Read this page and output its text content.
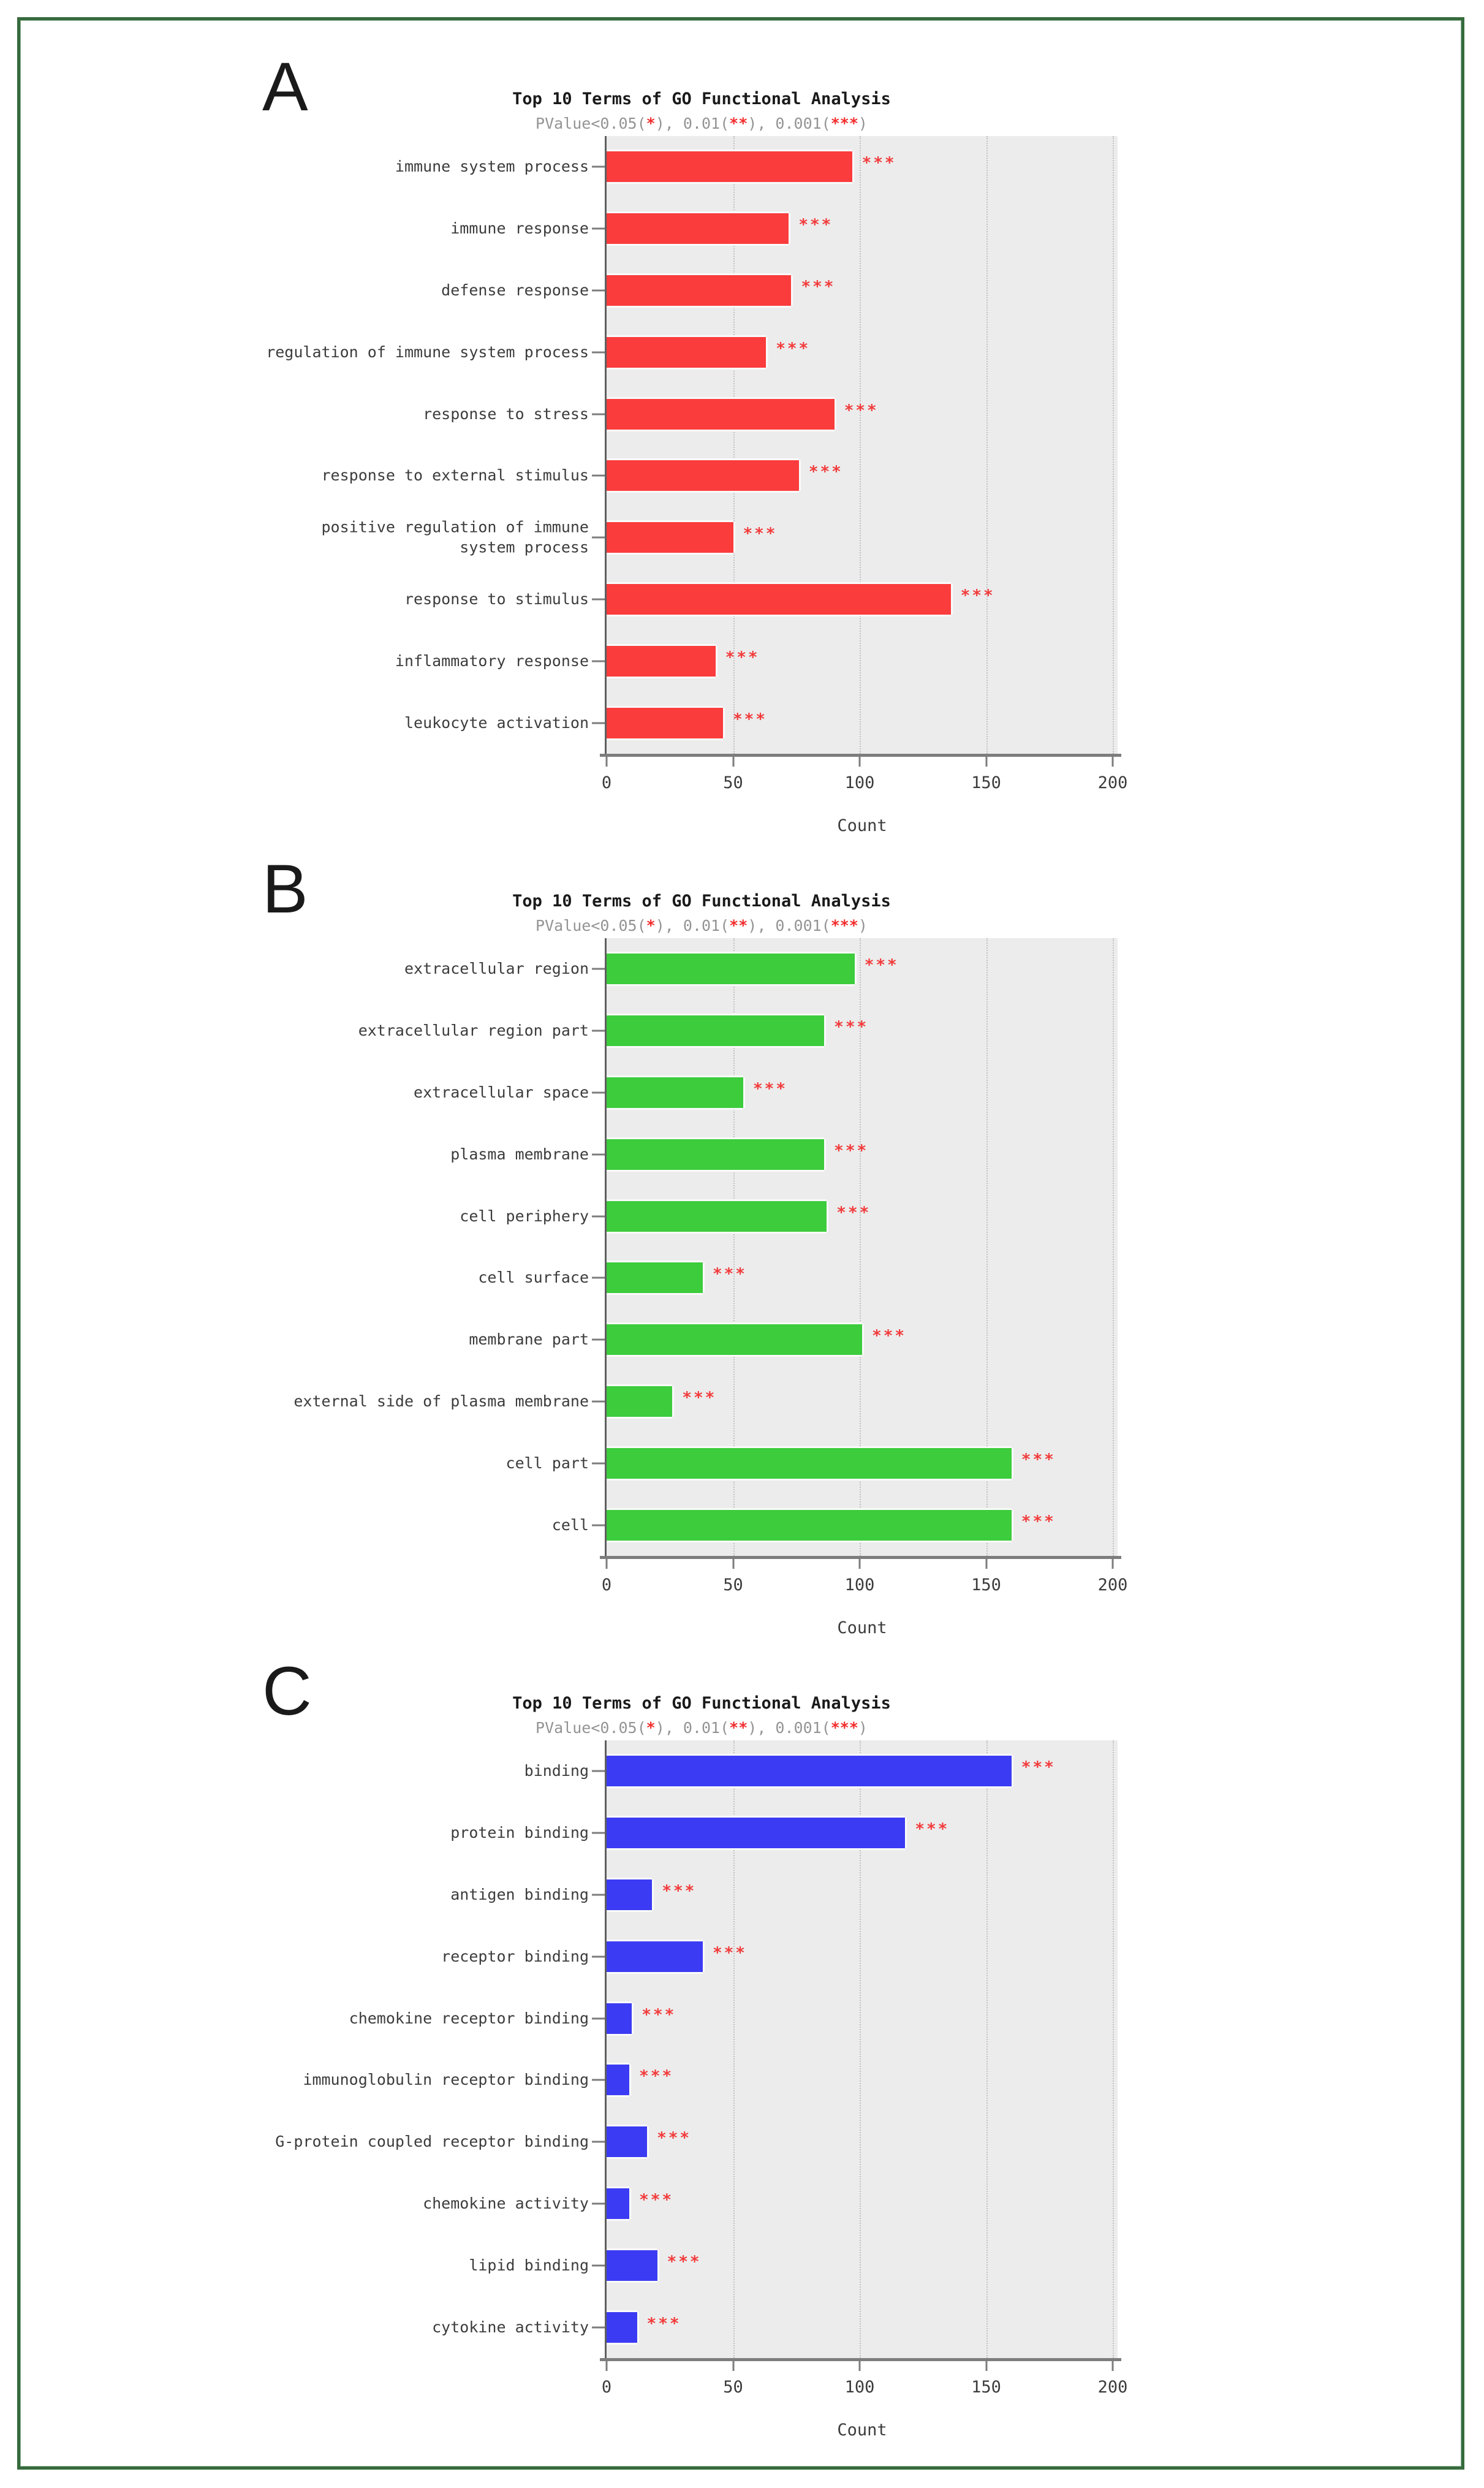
A	Top 10 Terms of GO Functional Analysis
PValue<0.05(*), 0.01(**), 0.001(***)
immune system process
immune response
defense response
regulation of immune system process
response to stress
response to external stimulus
positive regulation of immune system process
response to stimulus
inflammatory response
leukocyte activation
Count
0	50	100	150	200
***
***
***
***
***
***
***
***
***
***
B	Top 10 Terms of GO Functional Analysis
PValue<0.05(*), 0.01(**), 0.001(***)
extracellular region
extracellular region part
extracellular space
plasma membrane
cell periphery
cell surface
membrane part
external side of plasma membrane
cell part
cell
Count
0	50	100	150	200
***
***
***
***
***
***
***
***
***
***
C	Top 10 Terms of GO Functional Analysis
PValue<0.05(*), 0.01(**), 0.001(***)
binding
protein binding
antigen binding
receptor binding
chemokine receptor binding
immunoglobulin receptor binding
G-protein coupled receptor binding
chemokine activity
lipid binding
cytokine activity
Count
0	50	100	150	200
***
***
***
***
***
***
***
***
***
***
